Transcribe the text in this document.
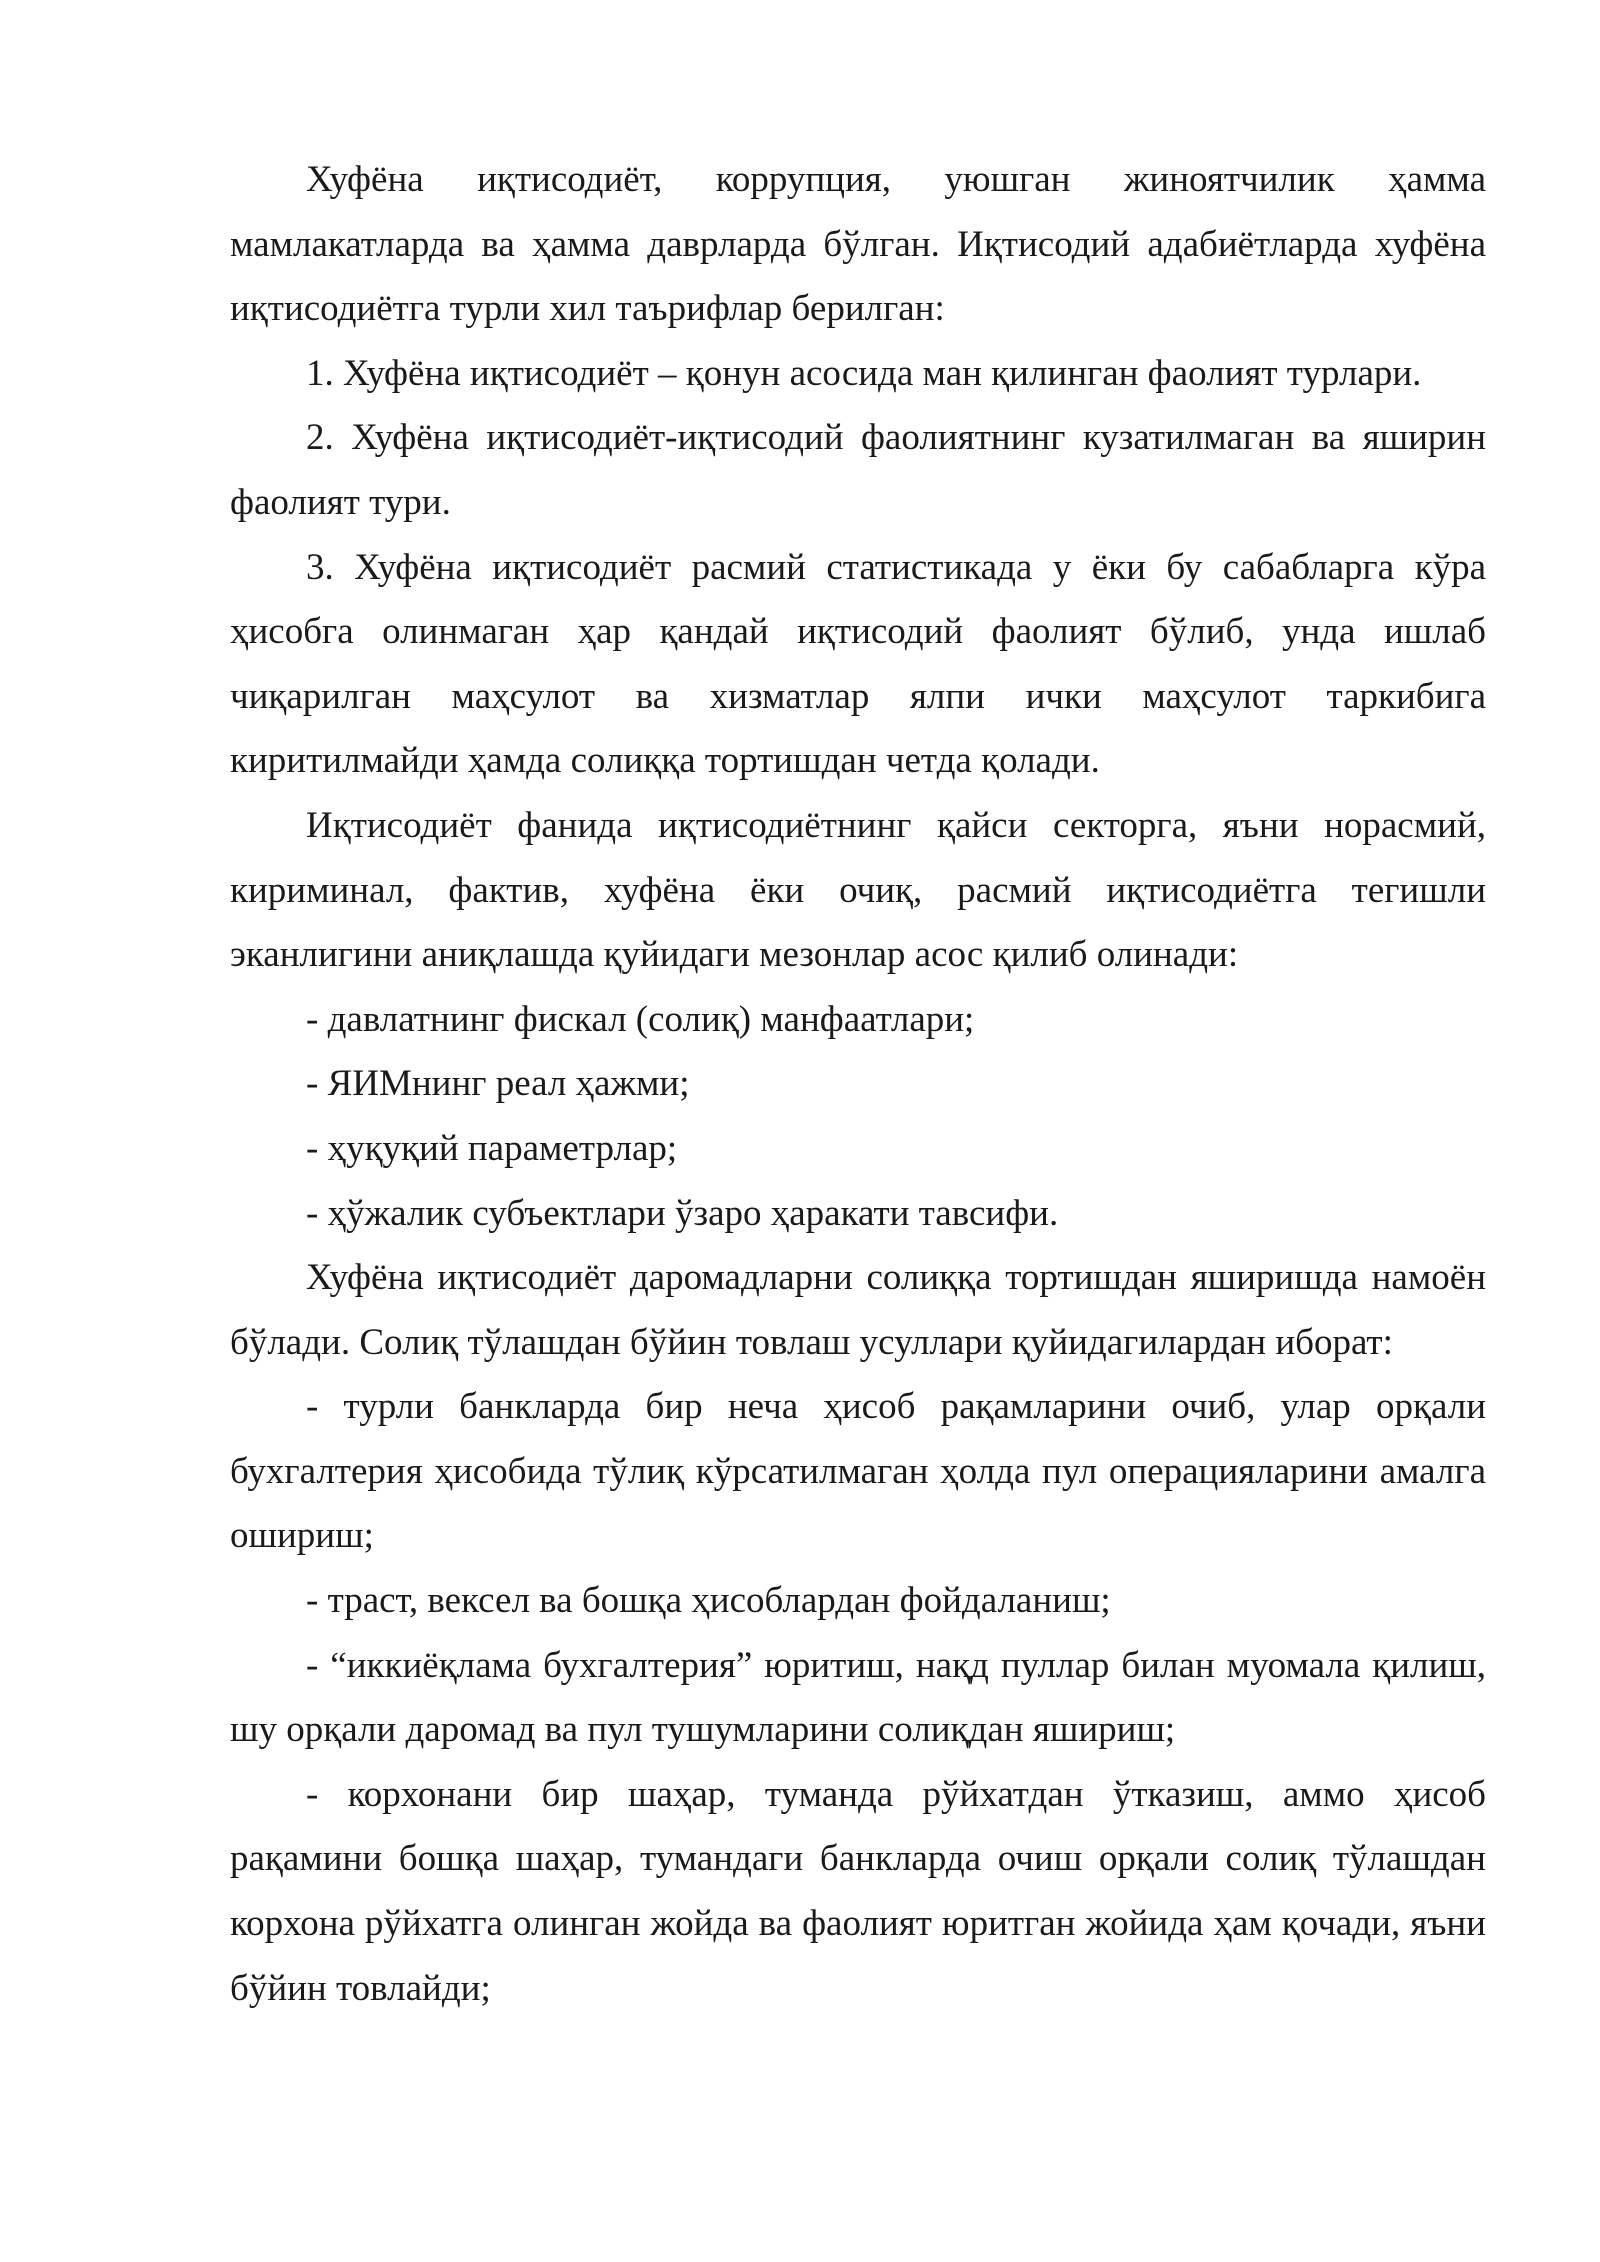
Хуфёна иқтисодиёт, коррупция, уюшган жиноятчилик ҳамма мамлакатларда ва ҳамма даврларда бўлган. Иқтисодий адабиётларда хуфёна иқтисодиётга турли хил таърифлар берилган:

1. Хуфёна иқтисодиёт – қонун асосида ман қилинган фаолият турлари.

2. Хуфёна иқтисодиёт-иқтисодий фаолиятнинг кузатилмаган ва яширин фаолият тури.

3. Хуфёна иқтисодиёт расмий статистикада у ёки бу сабабларга кўра ҳисобга олинмаган ҳар қандай иқтисодий фаолият бўлиб, унда ишлаб чиқарилган маҳсулот ва хизматлар ялпи ички маҳсулот таркибига киритилмайди ҳамда солиққа тортишдан четда қолади.

Иқтисодиёт фанида иқтисодиётнинг қайси секторга, яъни норасмий, кириминал, фактив, хуфёна ёки очиқ, расмий иқтисодиётга тегишли эканлигини аниқлашда қуйидаги мезонлар асос қилиб олинади:

- давлатнинг фискал (солиқ) манфаатлари;

- ЯИМнинг реал ҳажми;

- ҳуқуқий параметрлар;

- ҳўжалик субъектлари ўзаро ҳаракати тавсифи.

Хуфёна иқтисодиёт даромадларни солиққа тортишдан яширишда намоён бўлади. Солиқ тўлашдан бўйин товлаш усуллари қуйидагилардан иборат:

- турли банкларда бир неча ҳисоб рақамларини очиб, улар орқали бухгалтерия ҳисобида тўлиқ кўрсатилмаган ҳолда пул операцияларини амалга ошириш;

- траст, вексел ва бошқа ҳисоблардан фойдаланиш;

- “иккиёқлама бухгалтерия” юритиш, нақд пуллар билан муомала қилиш, шу орқали даромад ва пул тушумларини солиқдан яшириш;

- корхонани бир шаҳар, туманда рўйхатдан ўтказиш, аммо ҳисоб рақамини бошқа шаҳар, тумандаги банкларда очиш орқали солиқ тўлашдан корхона рўйхатга олинган жойда ва фаолият юритган жойида ҳам қочади, яъни бўйин товлайди;
